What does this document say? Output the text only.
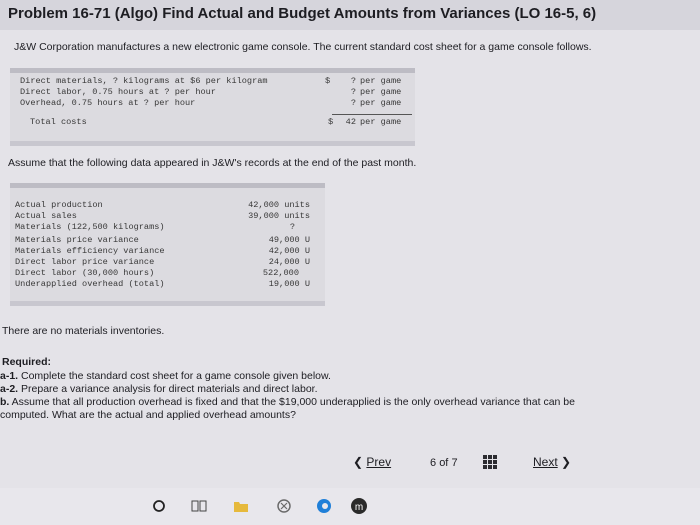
Problem 16-71 (Algo) Find Actual and Budget Amounts from Variances (LO 16-5, 6)
J&W Corporation manufactures a new electronic game console. The current standard cost sheet for a game console follows.
Direct materials, ? kilograms at $6 per kilogram	$	? per game
Direct labor, 0.75 hours at ? per hour	? per game
Overhead, 0.75 hours at ? per hour	? per game
Total costs	$	42 per game
Assume that the following data appeared in J&W's records at the end of the past month.
Actual production	42,000 units
Actual sales	39,000 units
Materials (122,500 kilograms)	?
Materials price variance	49,000 U
Materials efficiency variance	42,000 U
Direct labor price variance	24,000 U
Direct labor (30,000 hours)	522,000
Underapplied overhead (total)	19,000 U
There are no materials inventories.
Required:
a-1. Complete the standard cost sheet for a game console given below.
a-2. Prepare a variance analysis for direct materials and direct labor.
b. Assume that all production overhead is fixed and that the $19,000 underapplied is the only overhead variance that can be
computed. What are the actual and applied overhead amounts?
❮ Prev	6 of 7	Next ❯
m
